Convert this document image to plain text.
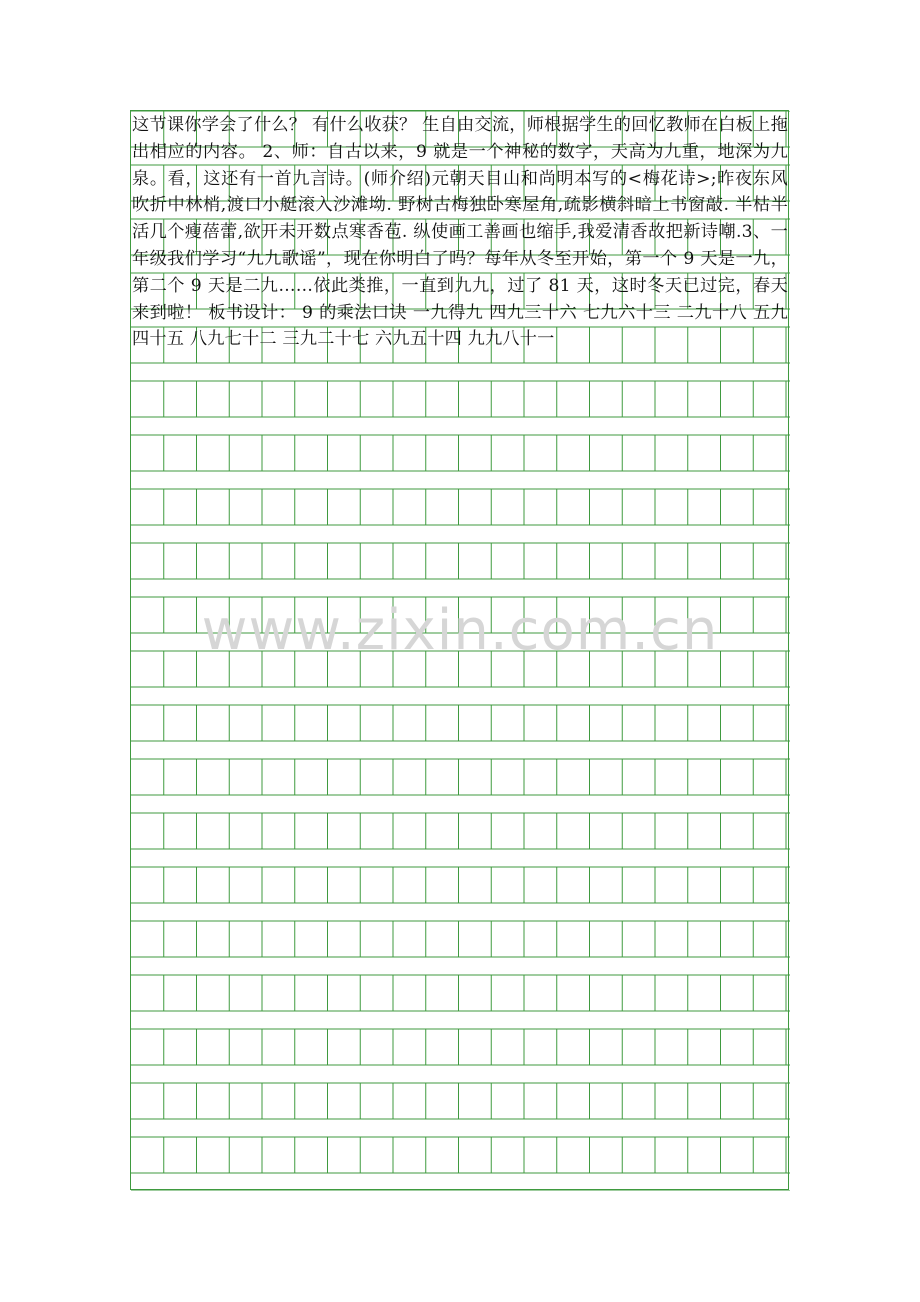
这节课你学会了什么？ 有什么收获？ 生自由交流，师根据学生的回忆教师在白板上拖出相应的内容。 2、师：自古以来，9 就是一个神秘的数字，天高为九重，地深为九泉。看，这还有一首九言诗。(师介绍)元朝天目山和尚明本写的<梅花诗>;昨夜东风吹折中林梢,渡口小艇滚入沙滩坳. 野树古梅独卧寒屋角,疏影横斜暗上书窗敲. 半枯半活几个瘦蓓蕾,欲开未开数点寒香苞. 纵使画工善画也缩手,我爱清香故把新诗嘲.3、一年级我们学习“九九歌谣”，现在你明白了吗？每年从冬至开始，第一个 9 天是一九，第二个 9 天是二九……依此类推，一直到九九，过了 81 天，这时冬天已过完，春天来到啦！ 板书设计： 9 的乘法口诀 一九得九 四九三十六 七九六十三 二九十八 五九四十五 八九七十二 三九二十七 六九五十四 九九八十一
www.zixin.com.cn
